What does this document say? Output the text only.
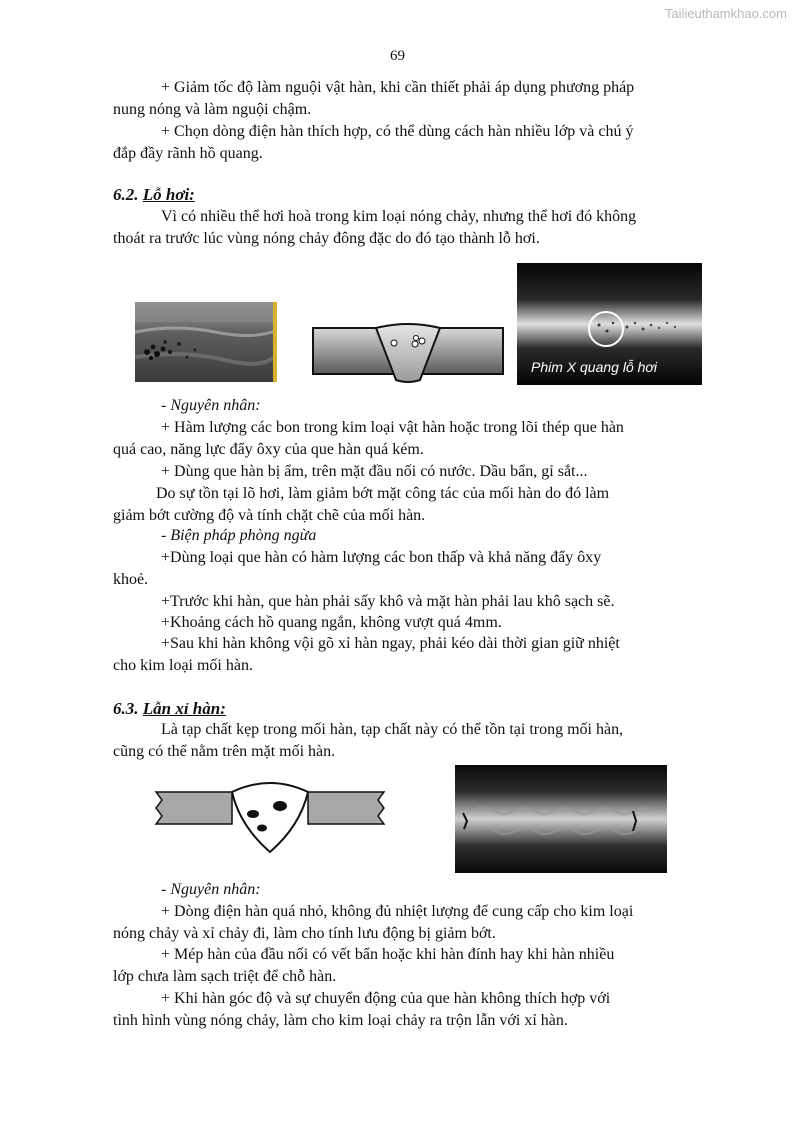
Tailieuthamkhao.com
69
+ Giảm tốc độ làm nguội vật hàn, khi cần thiết phải áp dụng phương pháp
nung nóng và làm nguội chậm.
+ Chọn dòng điện hàn thích hợp, có thể dùng cách hàn nhiều lớp và chú ý
đắp đầy rãnh hồ quang.
6.2. Lỗ hơi:
Vì có nhiều thể hơi hoà trong kim loại nóng chảy, nhưng thể hơi đó không
thoát ra trước lúc vùng nóng chảy đông đặc do đó tạo thành lỗ hơi.
Phim X quang lỗ hơi
- Nguyên nhân:
+ Hàm lượng các bon trong kim loại vật hàn hoặc trong lõi thép que hàn
quá cao, năng lực đẩy ôxy của que hàn quá kém.
+ Dùng que hàn bị ẩm, trên mặt đầu nối có nước. Dầu bẩn, gỉ sắt...
Do sự tồn tại lõ hơi, làm giảm bớt mặt công tác của mối hàn do đó làm
giảm bớt cường độ và tính chặt chẽ của mối hàn.
- Biện pháp phòng ngừa
+Dùng loại que hàn có hàm lượng các bon thấp và khả năng đẩy ôxy
khoẻ.
+Trước khi hàn, que hàn phải sấy khô và mặt hàn phải lau khô sạch sẽ.
+Khoảng cách hồ quang ngắn, không vượt quá 4mm.
+Sau khi hàn không vội gõ xỉ hàn ngay, phải kéo dài thời gian giữ nhiệt
cho kim loại mối hàn.
6.3. Lẫn xỉ hàn:
Là tạp chất kẹp trong mối hàn, tạp chất này có thể tồn tại trong mối hàn,
cũng có thể nằm trên mặt mối hàn.
- Nguyên nhân:
+ Dòng điện hàn quá nhỏ, không đủ nhiệt lượng để cung cấp cho kim loại
nóng chảy và xỉ chảy đi, làm cho tính lưu động bị giảm bớt.
+ Mép hàn của đầu nối có vết bẩn hoặc khi hàn đính hay khi hàn nhiều
lớp chưa làm sạch triệt để chỗ hàn.
+ Khi hàn góc độ và sự chuyển động của que hàn không thích hợp với
tình hình vùng nóng chảy, làm cho kim loại chảy ra trộn lẫn với xỉ hàn.
